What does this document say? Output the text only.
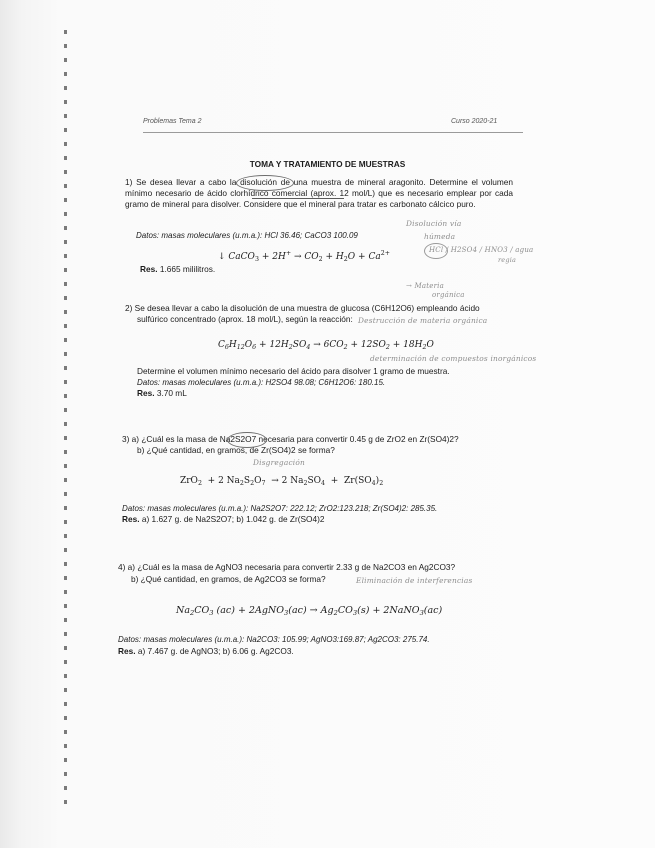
Problemas Tema 2	Curso 2020-21
TOMA Y TRATAMIENTO DE MUESTRAS
1) Se desea llevar a cabo la disolución de una muestra de mineral aragonito. Determine el volumen mínimo necesario de ácido clorhídrico comercial (aprox. 12 mol/L) que es necesario emplear por cada gramo de mineral para disolver. Considere que el mineral para tratar es carbonato cálcico puro.
Datos: masas moleculares (u.m.a.): HCl 36.46; CaCO3 100.09
↓ CaCO$_3$ + $2H^+ \to CO_2 + H_2O + Ca^{2+}$
Res. 1.665 mililitros.
Disolución vía
húmeda
HCl / H2SO4 / HNO3 / agua
regia
→ Materia
orgánica
2) Se desea llevar a cabo la disolución de una muestra de glucosa (C6H12O6) empleando ácido
sulfúrico concentrado (aprox. 18 mol/L), según la reacción: Destrucción de materia orgánica
$C_6H_{12}O_6 + 12H_2SO_4 \to 6CO_2 + 12SO_2 + 18H_2O$
determinación de compuestos inorgánicos
Determine el volumen mínimo necesario del ácido para disolver 1 gramo de muestra.
Datos: masas moleculares (u.m.a.): H2SO4 98.08; C6H12O6: 180.15.
Res. 3.70 mL
3) a) ¿Cuál es la masa de Na2S2O7 necesaria para convertir 0.45 g de ZrO2 en Zr(SO4)2?
b) ¿Qué cantidad, en gramos, de Zr(SO4)2 se forma?
Disgregación
ZrO$_2$  + 2 $Na_2S_2O_7 \to 2$ $Na_2SO_4 + Zr(SO_4)_2$
Datos: masas moleculares (u.m.a.): Na2S2O7: 222.12; ZrO2:123.218; Zr(SO4)2: 285.35.
Res. a) 1.627 g. de Na2S2O7; b) 1.042 g. de Zr(SO4)2
4) a) ¿Cuál es la masa de AgNO3 necesaria para convertir 2.33 g de Na2CO3 en Ag2CO3?
b) ¿Qué cantidad, en gramos, de Ag2CO3 se forma?	Eliminación de interferencias
$Na_2CO_3$ (ac) + 2AgNO$_3$(ac) → $Ag_2CO_3(s)$ + 2NaNO$_3$(ac)
Datos: masas moleculares (u.m.a.): Na2CO3: 105.99; AgNO3:169.87; Ag2CO3: 275.74.
Res. a) 7.467 g. de AgNO3; b) 6.06 g. Ag2CO3.
